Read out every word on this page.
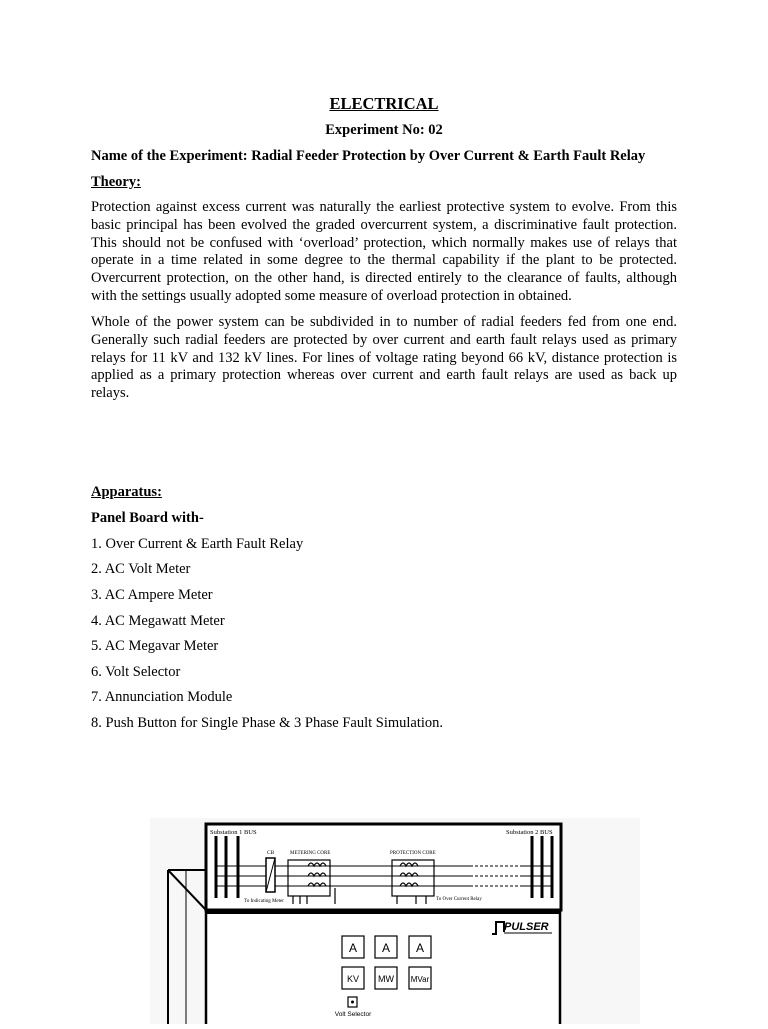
ELECTRICAL
Experiment No: 02
Name of the Experiment: Radial Feeder Protection by Over Current & Earth Fault Relay
Theory:
Protection against excess current was naturally the earliest protective system to evolve. From this basic principal has been evolved the graded overcurrent system, a discriminative fault protection. This should not be confused with ‘overload’ protection, which normally makes use of relays that operate in a time related in some degree to the thermal capability if the plant to be protected. Overcurrent protection, on the other hand, is directed entirely to the clearance of faults, although with the settings usually adopted some measure of overload protection in obtained.
Whole of the power system can be subdivided in to number of radial feeders fed from one end. Generally such radial feeders are protected by over current and earth fault relays used as primary relays for 11 kV and 132 kV lines. For lines of voltage rating beyond 66 kV, distance protection is applied as a primary protection whereas over current and earth fault relays are used as back up relays.
Apparatus:
Panel Board with-
1. Over Current & Earth Fault Relay
2. AC Volt Meter
3. AC Ampere Meter
4. AC Megawatt Meter
5. AC Megavar Meter
6. Volt Selector
7. Annunciation Module
8. Push Button for Single Phase & 3 Phase Fault Simulation.
Substation 1 BUS	Substation 2 BUS
CB	METERING CORE	PROTECTION CORE
To Indicating Meter	To Over Current Relay
PULSER
A A A
KV MW MVar
Volt Selector
